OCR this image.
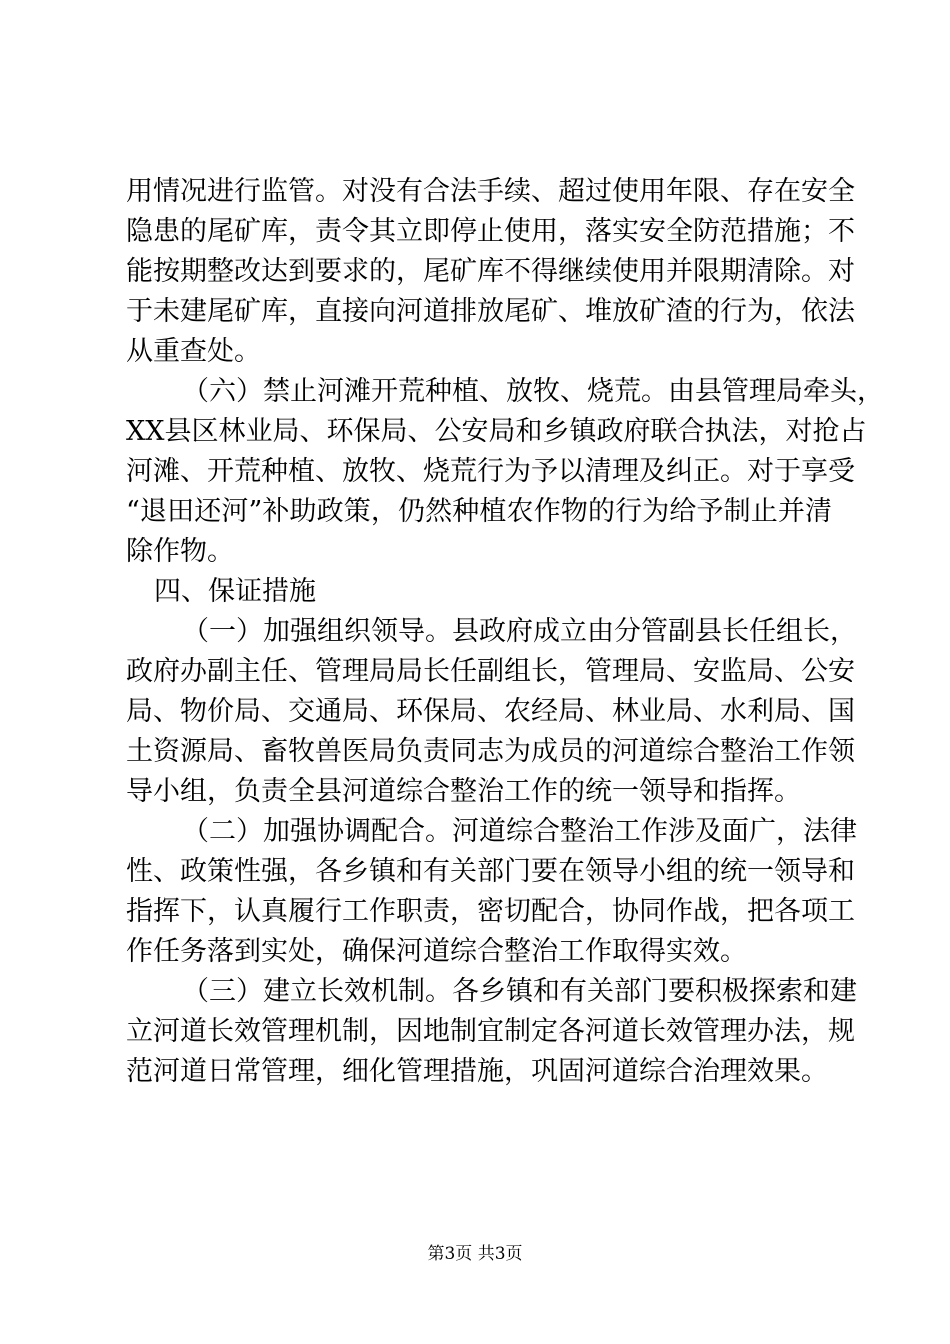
用情况进行监管。对没有合法手续、超过使用年限、存在安全
隐患的尾矿库，责令其立即停止使用，落实安全防范措施；不
能按期整改达到要求的，尾矿库不得继续使用并限期清除。对
于未建尾矿库，直接向河道排放尾矿、堆放矿渣的行为，依法
从重查处。
（六）禁止河滩开荒种植、放牧、烧荒。由县管理局牵头，
XX县区林业局、环保局、公安局和乡镇政府联合执法，对抢占
河滩、开荒种植、放牧、烧荒行为予以清理及纠正。对于享受
“退田还河”补助政策，仍然种植农作物的行为给予制止并清
除作物。
四、保证措施
（一）加强组织领导。县政府成立由分管副县长任组长，
政府办副主任、管理局局长任副组长，管理局、安监局、公安
局、物价局、交通局、环保局、农经局、林业局、水利局、国
土资源局、畜牧兽医局负责同志为成员的河道综合整治工作领
导小组，负责全县河道综合整治工作的统一领导和指挥。
（二）加强协调配合。河道综合整治工作涉及面广，法律
性、政策性强，各乡镇和有关部门要在领导小组的统一领导和
指挥下，认真履行工作职责，密切配合，协同作战，把各项工
作任务落到实处，确保河道综合整治工作取得实效。
（三）建立长效机制。各乡镇和有关部门要积极探索和建
立河道长效管理机制，因地制宜制定各河道长效管理办法，规
范河道日常管理，细化管理措施，巩固河道综合治理效果。
第3页 共3页
